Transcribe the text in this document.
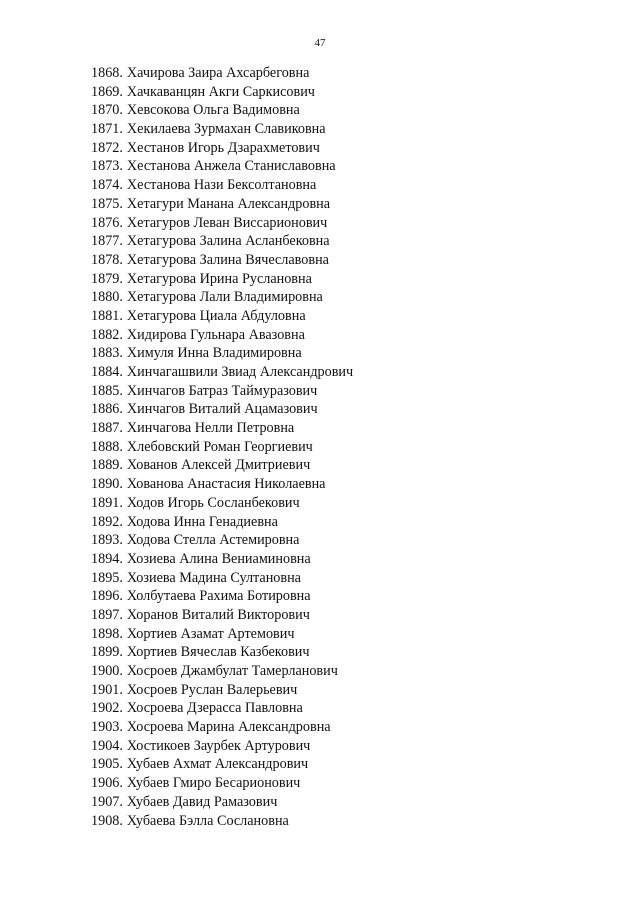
47
1868. Хачирова Заира Ахсарбеговна
1869. Хачкаванцян Акги Саркисович
1870. Хевсокова Ольга Вадимовна
1871. Хекилаева Зурмахан Славиковна
1872. Хестанов Игорь Дзарахметович
1873. Хестанова Анжела Станиславовна
1874. Хестанова Нази Бексолтановна
1875. Хетагури Манана Александровна
1876. Хетагуров Леван Виссарионович
1877. Хетагурова Залина Асланбековна
1878. Хетагурова Залина Вячеславовна
1879. Хетагурова Ирина Руслановна
1880. Хетагурова Лали Владимировна
1881. Хетагурова Циала Абдуловна
1882. Хидирова Гульнара Авазовна
1883. Химуля Инна Владимировна
1884. Хинчагашвили Звиад Александрович
1885. Хинчагов Батраз Таймуразович
1886. Хинчагов Виталий Ацамазович
1887. Хинчагова Нелли Петровна
1888. Хлебовский Роман Георгиевич
1889. Хованов Алексей Дмитриевич
1890. Хованова Анастасия Николаевна
1891. Ходов Игорь Сосланбекович
1892. Ходова Инна Генадиевна
1893. Ходова Стелла Астемировна
1894. Хозиева Алина Вениаминовна
1895. Хозиева Мадина Султановна
1896. Холбутаева Рахима Ботировна
1897. Хоранов Виталий Викторович
1898. Хортиев Азамат Артемович
1899. Хортиев Вячеслав Казбекович
1900. Хосроев Джамбулат Тамерланович
1901. Хосроев Руслан Валерьевич
1902. Хосроева Дзерасса Павловна
1903. Хосроева Марина Александровна
1904. Хостикоев Заурбек Артурович
1905. Хубаев Ахмат Александрович
1906. Хубаев Гмиро Бесарионович
1907. Хубаев Давид Рамазович
1908. Хубаева Бэлла Сослановна
